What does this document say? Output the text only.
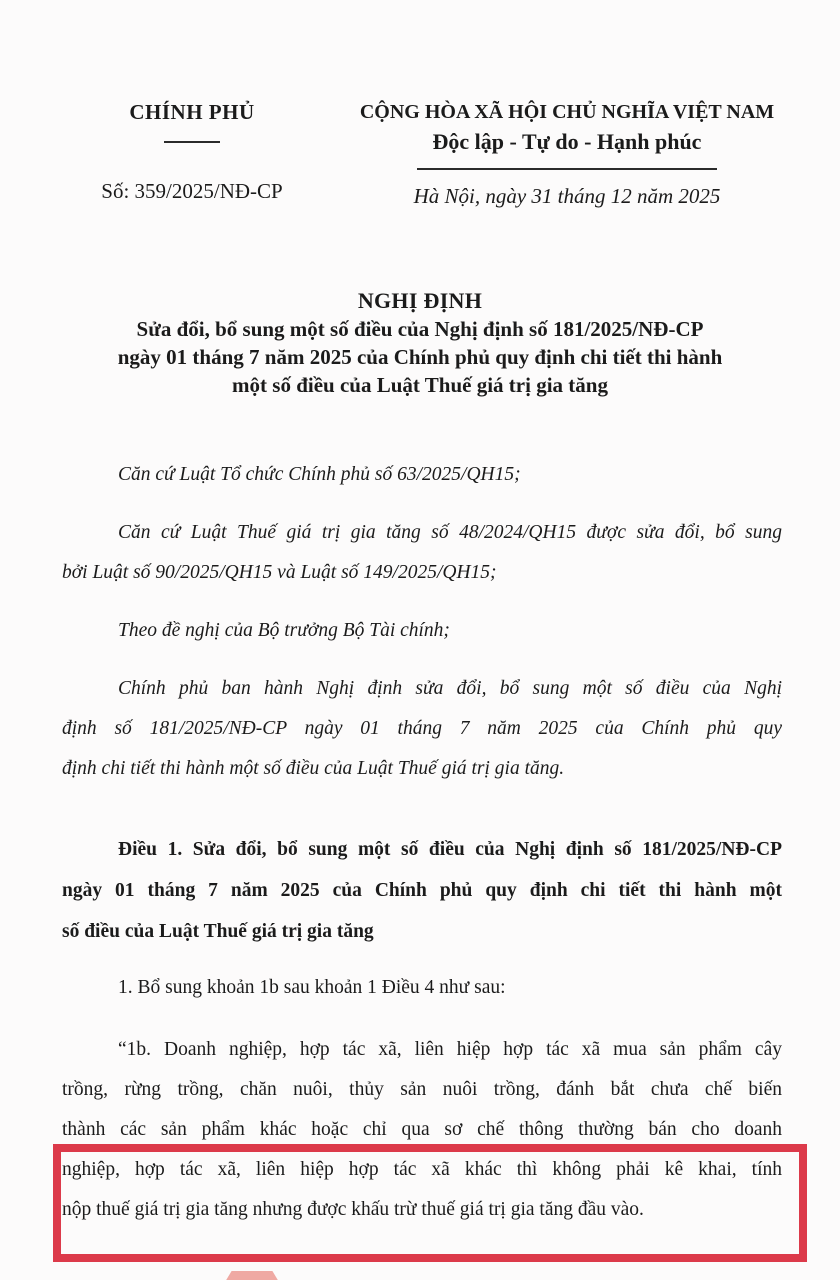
CHÍNH PHỦ
Số: 359/2025/NĐ-CP
CỘNG HÒA XÃ HỘI CHỦ NGHĨA VIỆT NAM
Độc lập - Tự do - Hạnh phúc
Hà Nội, ngày 31 tháng 12 năm 2025
NGHỊ ĐỊNH
Sửa đổi, bổ sung một số điều của Nghị định số 181/2025/NĐ-CP
ngày 01 tháng 7 năm 2025 của Chính phủ quy định chi tiết thi hành
một số điều của Luật Thuế giá trị gia tăng
Căn cứ Luật Tổ chức Chính phủ số 63/2025/QH15;
Căn cứ Luật Thuế giá trị gia tăng số 48/2024/QH15 được sửa đổi, bổ sung
bởi Luật số 90/2025/QH15 và Luật số 149/2025/QH15;
Theo đề nghị của Bộ trưởng Bộ Tài chính;
Chính phủ ban hành Nghị định sửa đổi, bổ sung một số điều của Nghị
định số 181/2025/NĐ-CP ngày 01 tháng 7 năm 2025 của Chính phủ quy
định chi tiết thi hành một số điều của Luật Thuế giá trị gia tăng.
Điều 1. Sửa đổi, bổ sung một số điều của Nghị định số 181/2025/NĐ-CP
ngày 01 tháng 7 năm 2025 của Chính phủ quy định chi tiết thi hành một
số điều của Luật Thuế giá trị gia tăng
1. Bổ sung khoản 1b sau khoản 1 Điều 4 như sau:
“1b. Doanh nghiệp, hợp tác xã, liên hiệp hợp tác xã mua sản phẩm cây
trồng, rừng trồng, chăn nuôi, thủy sản nuôi trồng, đánh bắt chưa chế biến
thành các sản phẩm khác hoặc chỉ qua sơ chế thông thường bán cho doanh
nghiệp, hợp tác xã, liên hiệp hợp tác xã khác thì không phải kê khai, tính
nộp thuế giá trị gia tăng nhưng được khấu trừ thuế giá trị gia tăng đầu vào.
